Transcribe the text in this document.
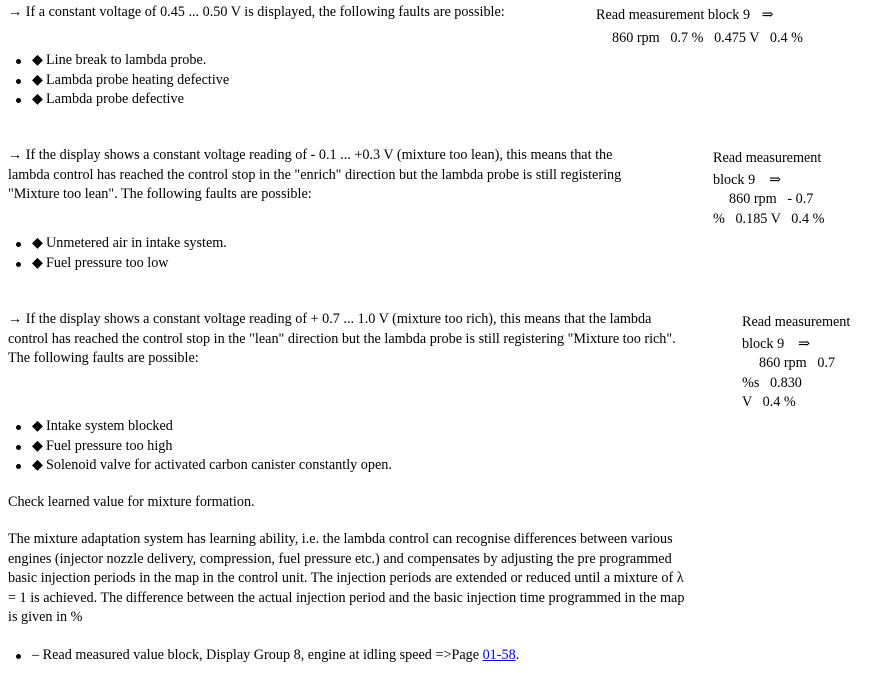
→ If a constant voltage of 0.45 ... 0.50 V is displayed, the following faults are possible:	Read measurement block 9 ⇒
860 rpm   0.7 %   0.475 V   0.4 %
◆ Line break to lambda probe.
◆ Lambda probe heating defective
◆ Lambda probe defective
→ If the display shows a constant voltage reading of - 0.1 ... +0.3 V (mixture too lean), this means that the
lambda control has reached the control stop in the "enrich" direction but the lambda probe is still registering
"Mixture too lean". The following faults are possible:
Read measurement
block 9 ⇒
860 rpm   - 0.7
%   0.185 V   0.4 %
◆ Unmetered air in intake system.
◆ Fuel pressure too low
→ If the display shows a constant voltage reading of + 0.7 ... 1.0 V (mixture too rich), this means that the lambda
control has reached the control stop in the "lean" direction but the lambda probe is still registering "Mixture too rich".
The following faults are possible:
Read measurement
block 9 ⇒
860 rpm   0.7
%s   0.830
V   0.4 %
◆ Intake system blocked
◆ Fuel pressure too high
◆ Solenoid valve for activated carbon canister constantly open.
Check learned value for mixture formation.
The mixture adaptation system has learning ability, i.e. the lambda control can recognise differences between various
engines (injector nozzle delivery, compression, fuel pressure etc.) and compensates by adjusting the pre programmed
basic injection periods in the map in the control unit. The injection periods are extended or reduced until a mixture of λ
= 1 is achieved. The difference between the actual injection period and the basic injection time programmed in the map
is given in %
– Read measured value block, Display Group 8, engine at idling speed =>Page 01-58.
